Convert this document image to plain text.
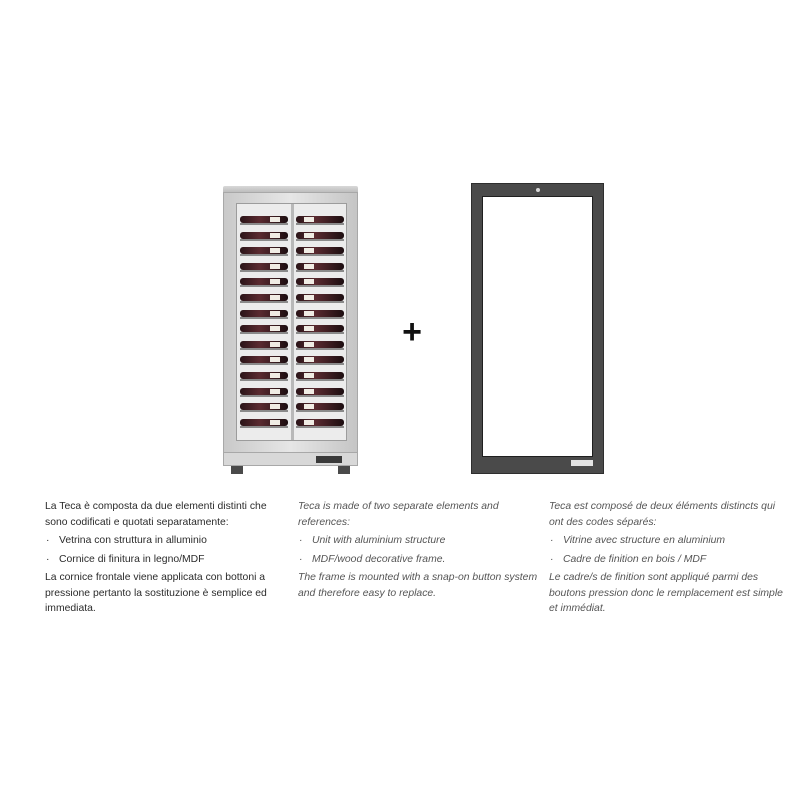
+

La Teca è composta da due elementi distinti che sono codificati e quotati separatamente:

· Vetrina con struttura in alluminio
· Cornice di finitura in legno/MDF

La cornice frontale viene applicata con bottoni a pressione pertanto la sostituzione è semplice ed immediata.

Teca is made of two separate elements and references:

· Unit with aluminium structure
· MDF/wood decorative frame.

The frame is mounted with a snap-on button system and therefore easy to replace.

Teca est composé de deux éléments distincts qui ont des codes séparés:

· Vitrine avec structure en aluminium
· Cadre de finition en bois / MDF

Le cadre/s de finition sont appliqué parmi des boutons pression donc le remplacement est simple et immédiat.
